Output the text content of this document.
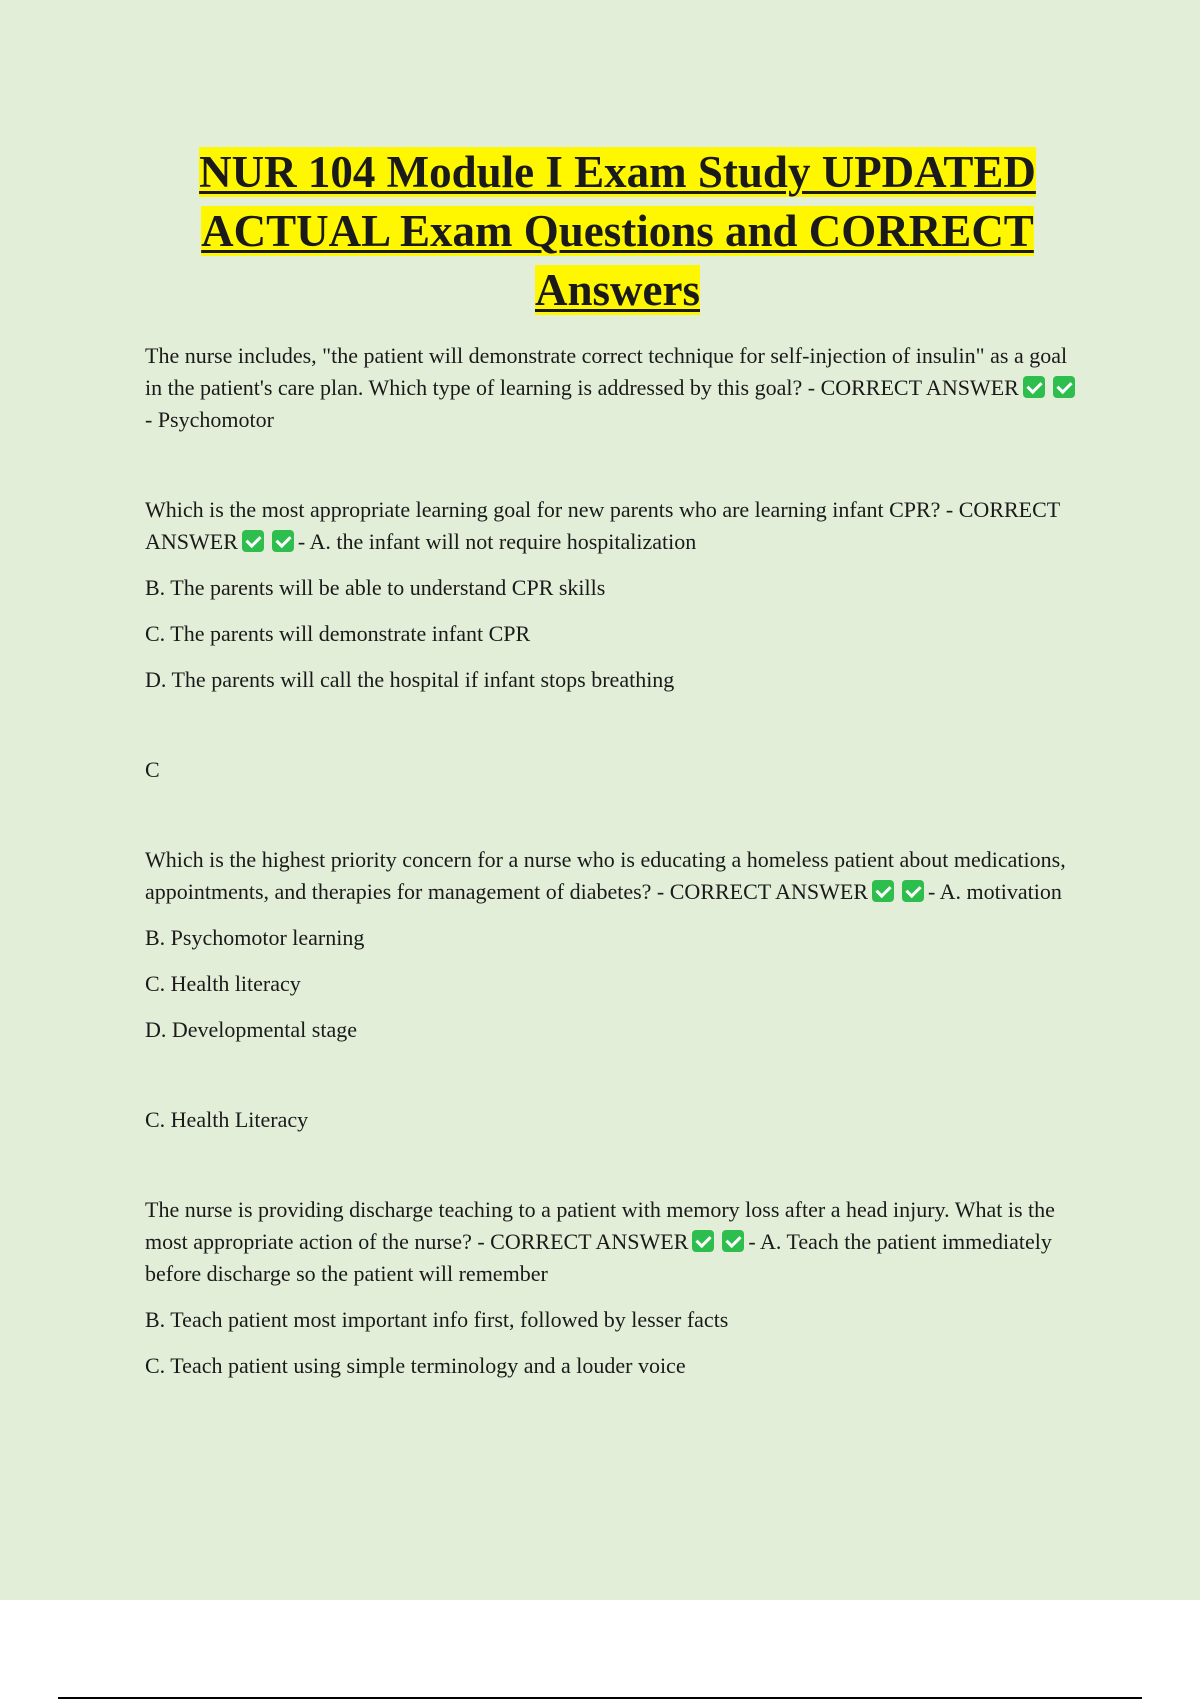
NUR 104 Module I Exam Study UPDATED ACTUAL Exam Questions and CORRECT Answers

The nurse includes, "the patient will demonstrate correct technique for self-injection of insulin" as a goal in the patient's care plan. Which type of learning is addressed by this goal? - CORRECT ANSWER- Psychomotor

Which is the most appropriate learning goal for new parents who are learning infant CPR? - CORRECT ANSWER	- A. the infant will not require hospitalization

B. The parents will be able to understand CPR skills

C. The parents will demonstrate infant CPR

D. The parents will call the hospital if infant stops breathing

C

Which is the highest priority concern for a nurse who is educating a homeless patient about medications, appointments, and therapies for management of diabetes? - CORRECT ANSWER	- A. motivation

B. Psychomotor learning

C. Health literacy

D. Developmental stage

C. Health Literacy

The nurse is providing discharge teaching to a patient with memory loss after a head injury. What is the most appropriate action of the nurse? - CORRECT ANSWER	- A. Teach the patient immediately before discharge so the patient will remember

B. Teach patient most important info first, followed by lesser facts

C. Teach patient using simple terminology and a louder voice
